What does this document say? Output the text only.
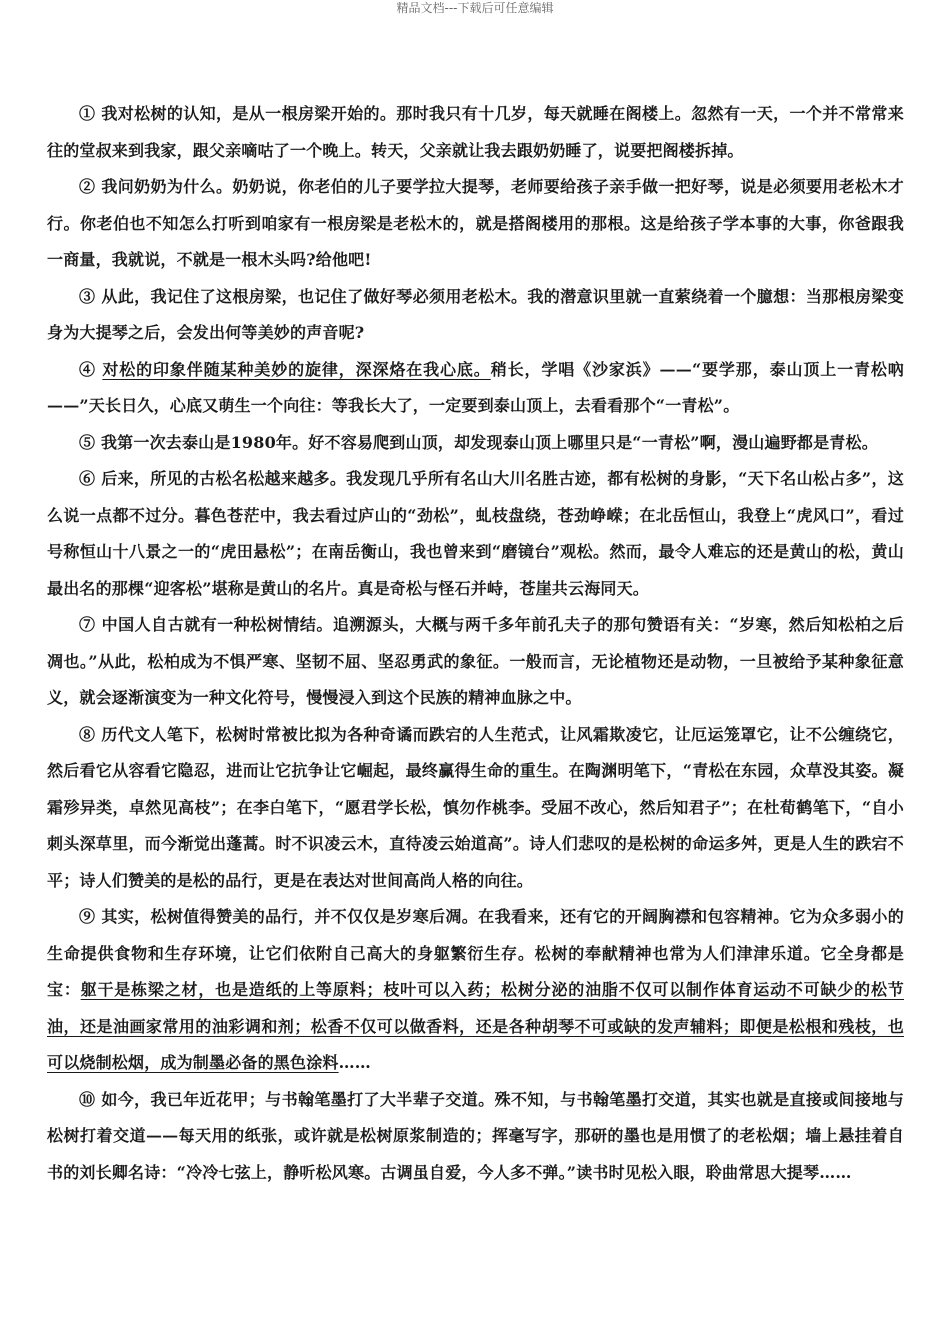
精品文档---下载后可任意编辑

① 我对松树的认知，是从一根房梁开始的。那时我只有十几岁，每天就睡在阁楼上。忽然有一天，一个并不常常来往的堂叔来到我家，跟父亲嘀咕了一个晚上。转天，父亲就让我去跟奶奶睡了，说要把阁楼拆掉。

② 我问奶奶为什么。奶奶说，你老伯的儿子要学拉大提琴，老师要给孩子亲手做一把好琴，说是必须要用老松木才行。你老伯也不知怎么打听到咱家有一根房梁是老松木的，就是搭阁楼用的那根。这是给孩子学本事的大事，你爸跟我一商量，我就说，不就是一根木头吗?给他吧!

③ 从此，我记住了这根房梁，也记住了做好琴必须用老松木。我的潜意识里就一直萦绕着一个臆想：当那根房梁变身为大提琴之后，会发出何等美妙的声音呢?

④ 对松的印象伴随某种美妙的旋律，深深烙在我心底。稍长，学唱《沙家浜》——“要学那，泰山顶上一青松吶——”天长日久，心底又萌生一个向往：等我长大了，一定要到泰山顶上，去看看那个“一青松”。

⑤ 我第一次去泰山是1980年。好不容易爬到山顶，却发现泰山顶上哪里只是“一青松”啊，漫山遍野都是青松。

⑥ 后来，所见的古松名松越来越多。我发现几乎所有名山大川名胜古迹，都有松树的身影，“天下名山松占多”，这么说一点都不过分。暮色苍茫中，我去看过庐山的“劲松”，虬枝盘绕，苍劲峥嵘；在北岳恒山，我登上“虎风口”，看过号称恒山十八景之一的“虎田悬松”；在南岳衡山，我也曾来到“磨镜台”观松。然而，最令人难忘的还是黄山的松，黄山最出名的那棵“迎客松”堪称是黄山的名片。真是奇松与怪石并峙，苍崖共云海同天。

⑦ 中国人自古就有一种松树情结。追溯源头，大概与两千多年前孔夫子的那句赞语有关：“岁寒，然后知松柏之后凋也。”从此，松柏成为不惧严寒、坚韧不屈、坚忍勇武的象征。一般而言，无论植物还是动物，一旦被给予某种象征意义，就会逐渐演变为一种文化符号，慢慢浸入到这个民族的精神血脉之中。

⑧ 历代文人笔下，松树时常被比拟为各种奇谲而跌宕的人生范式，让风霜欺凌它，让厄运笼罩它，让不公缠绕它，然后看它从容看它隐忍，进而让它抗争让它崛起，最终赢得生命的重生。在陶渊明笔下，“青松在东园，众草没其姿。凝霜殄异类，卓然见高枝”；在李白笔下，“愿君学长松，慎勿作桃李。受屈不改心，然后知君子”；在杜荀鹤笔下，“自小刺头深草里，而今渐觉出蓬蒿。时不识凌云木，直待凌云始道高”。诗人们悲叹的是松树的命运多舛，更是人生的跌宕不平；诗人们赞美的是松的品行，更是在表达对世间高尚人格的向往。

⑨ 其实，松树值得赞美的品行，并不仅仅是岁寒后凋。在我看来，还有它的开阔胸襟和包容精神。它为众多弱小的生命提供食物和生存环境，让它们依附自己高大的身躯繁衍生存。松树的奉献精神也常为人们津津乐道。它全身都是宝：躯干是栋梁之材，也是造纸的上等原料；枝叶可以入药；松树分泌的油脂不仅可以制作体育运动不可缺少的松节油，还是油画家常用的油彩调和剂；松香不仅可以做香料，还是各种胡琴不可或缺的发声辅料；即便是松根和残枝，也可以烧制松烟，成为制墨必备的黑色涂料……

⑩ 如今，我已年近花甲；与书翰笔墨打了大半辈子交道。殊不知，与书翰笔墨打交道，其实也就是直接或间接地与松树打着交道——每天用的纸张，或许就是松树原浆制造的；挥毫写字，那研的墨也是用惯了的老松烟；墙上悬挂着自书的刘长卿名诗：“冷冷七弦上，静听松风寒。古调虽自爱，今人多不弹。”读书时见松入眼，聆曲常思大提琴……
